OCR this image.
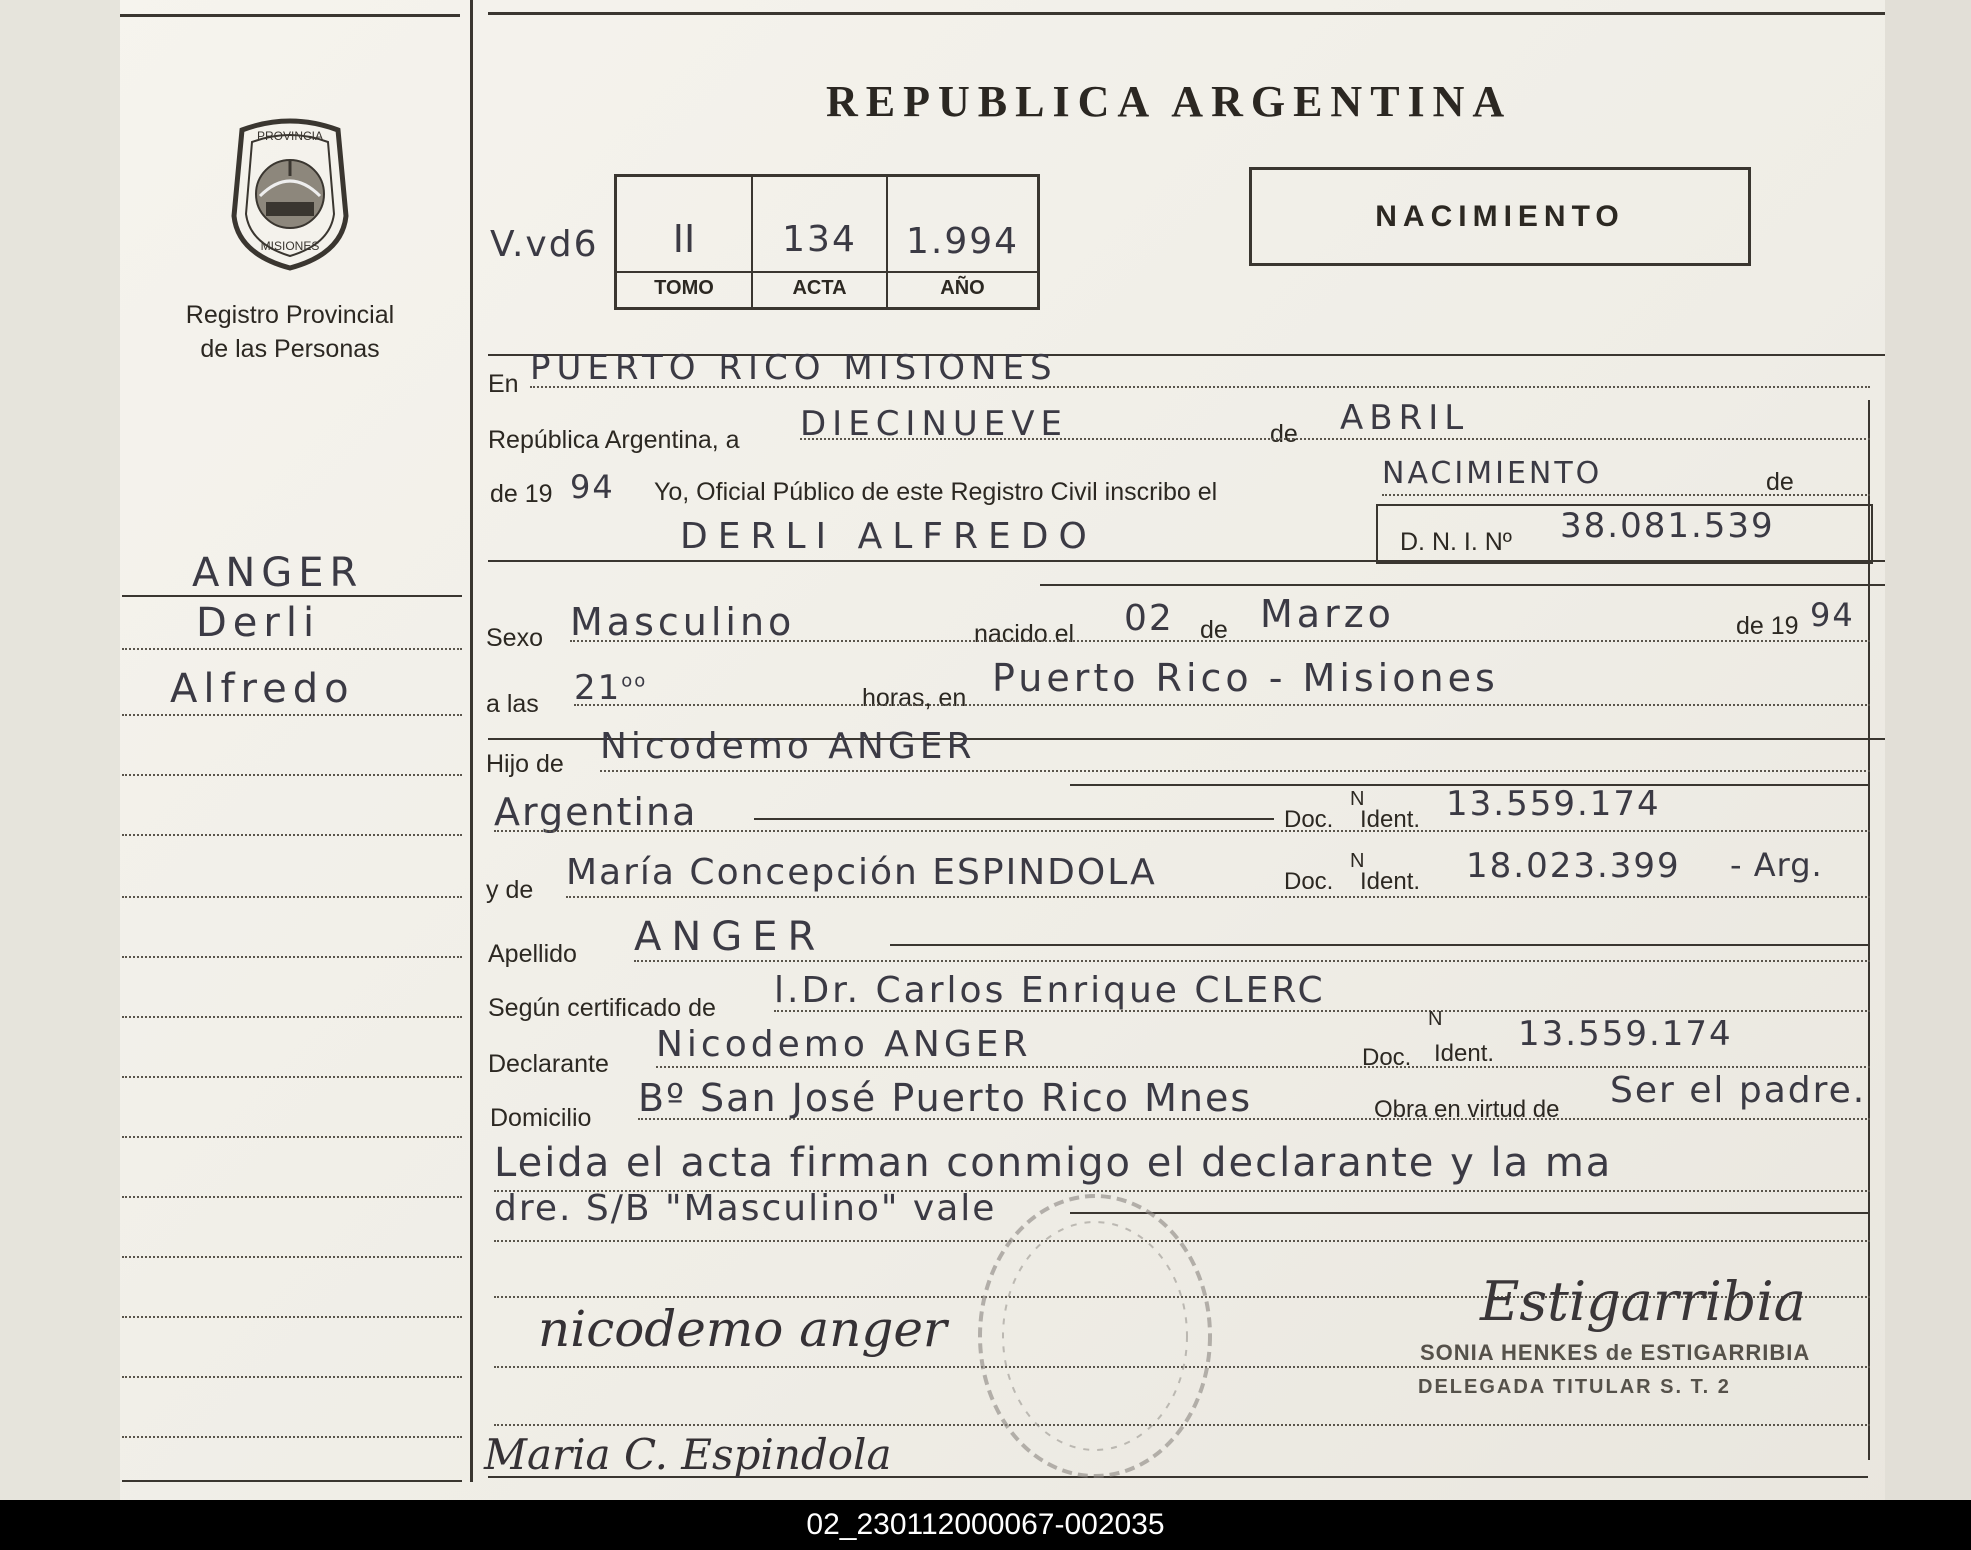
PROVINCIA
MISIONES
Registro Provincial
de las Personas
REPUBLICA ARGENTINA
NACIMIENTO
V.vd6	II	134	1.994
TOMO	ACTA	AÑO
ANGER
Derli
Alfredo
En PUERTO RICO MISIONES
República Argentina, a DIECINUEVE	de ABRIL
de 19 94 Yo, Oficial Público de este Registro Civil inscribo el
NACIMIENTO	de
DERLI ALFREDO	D. N. I. Nº 38.081.539
Sexo Masculino	nacido el 02 de Marzo	de 19 94
a las $21^{oo}$
horas, en Puerto Rico - Misiones
Hijo de Nicodemo ANGER
Argentina	Doc.
N
Ident. 13.559.174
y de María Concepción ESPINDOLA	Doc.
N
Ident. 18.023.399 - Arg.
Apellido ANGER
Según certificado de l.Dr. Carlos Enrique CLERC
Declarante Nicodemo ANGER	Doc.
N
Ident. 13.559.174
Domicilio Bº San José Puerto Rico Mnes	Obra en virtud de Ser el padre.
Leida el acta firman conmigo el declarante y la ma
dre. S/B "Masculino" vale
nicodemo anger
Maria C. Espindola
Estigarribia
SONIA HENKES de ESTIGARRIBIA
DELEGADA TITULAR S. T. 2
02_230112000067-002035
